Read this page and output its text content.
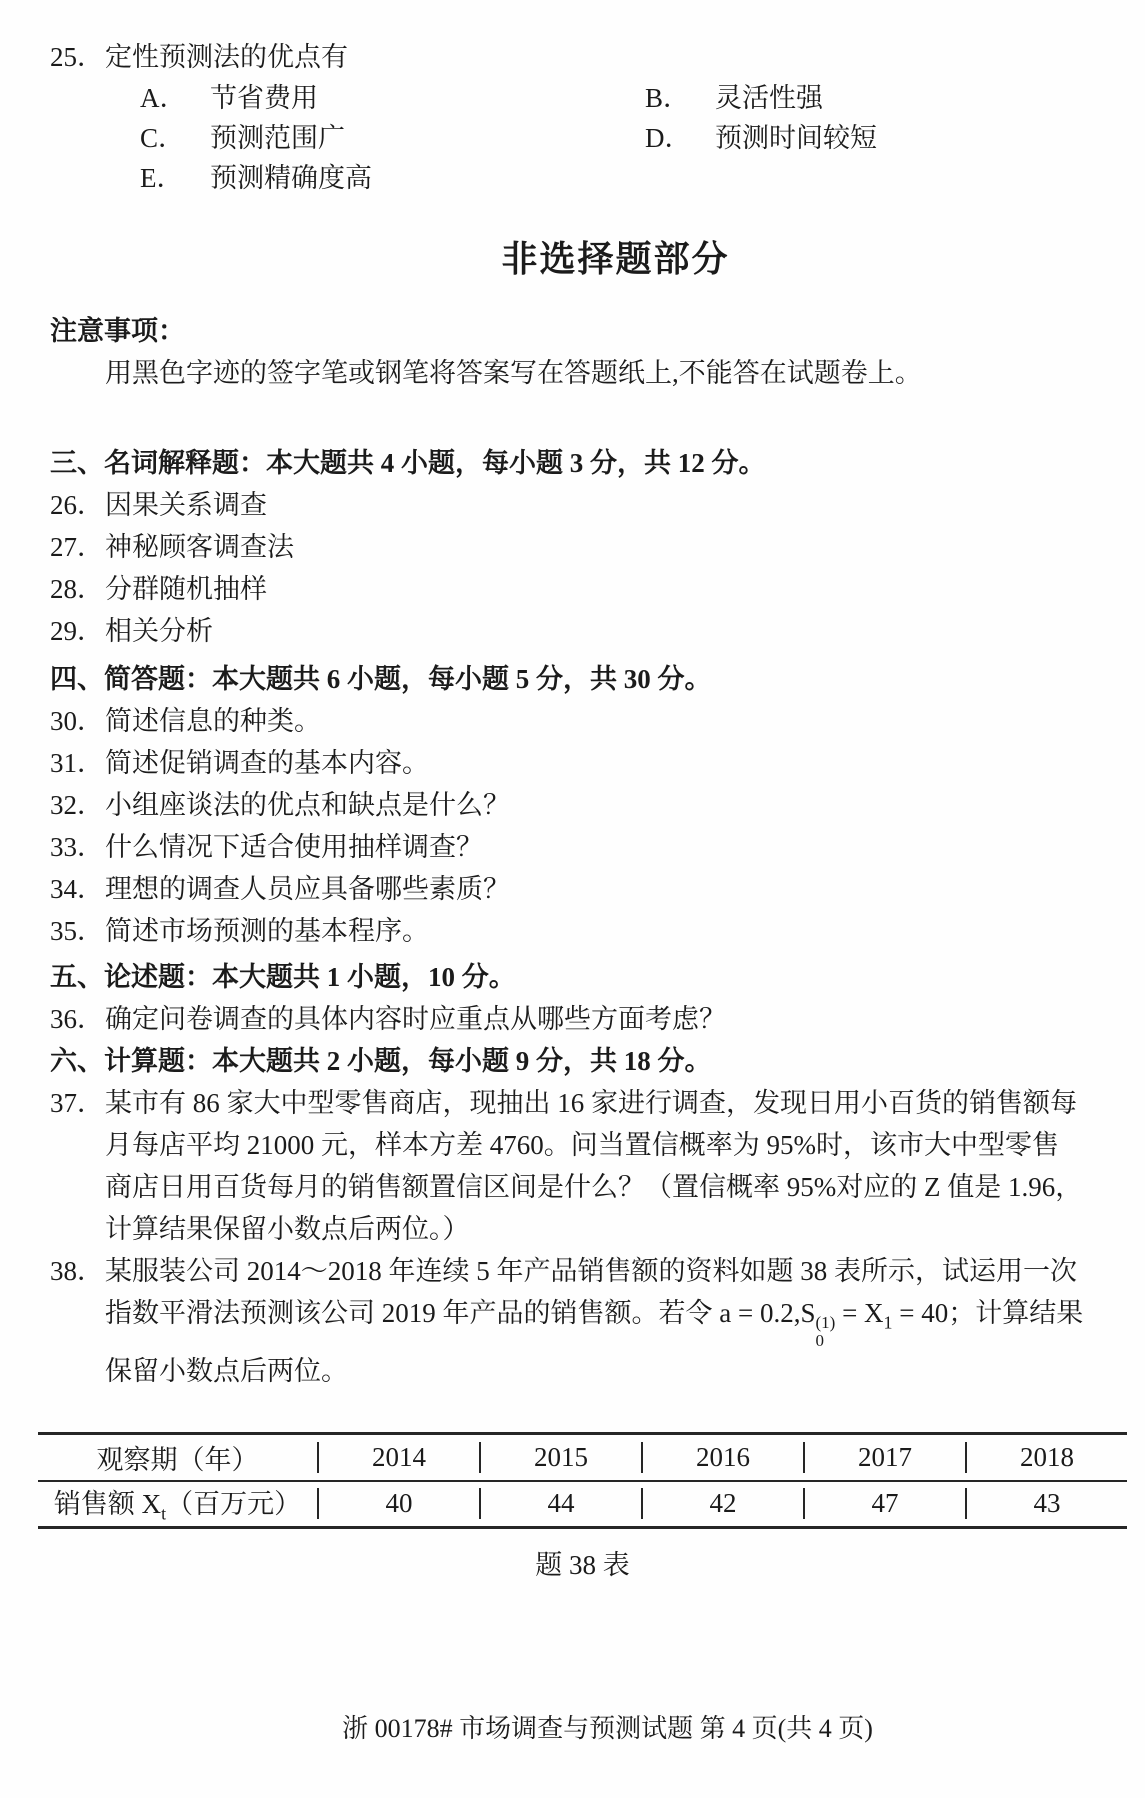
25．定性预测法的优点有
A． 节省费用	B． 灵活性强
C． 预测范围广	D． 预测时间较短
E． 预测精确度高
非选择题部分
注意事项：
用黑色字迹的签字笔或钢笔将答案写在答题纸上,不能答在试题卷上。
三、名词解释题：本大题共 4 小题，每小题 3 分，共 12 分。
26．因果关系调查
27．神秘顾客调查法
28．分群随机抽样
29．相关分析
四、简答题：本大题共 6 小题，每小题 5 分，共 30 分。
30．简述信息的种类。
31．简述促销调查的基本内容。
32．小组座谈法的优点和缺点是什么？
33．什么情况下适合使用抽样调查？
34．理想的调查人员应具备哪些素质？
35．简述市场预测的基本程序。
五、论述题：本大题共 1 小题，10 分。
36．确定问卷调查的具体内容时应重点从哪些方面考虑？
六、计算题：本大题共 2 小题，每小题 9 分，共 18 分。
37．某市有 86 家大中型零售商店，现抽出 16 家进行调查，发现日用小百货的销售额每
月每店平均 21000 元，样本方差 4760。问当置信概率为 95%时，该市大中型零售
商店日用百货每月的销售额置信区间是什么？（置信概率 95%对应的 Z 值是 1.96，
计算结果保留小数点后两位。）
38．某服装公司 2014～2018 年连续 5 年产品销售额的资料如题 38 表所示，试运用一次
指数平滑法预测该公司 2019 年产品的销售额。若令 a = 0.2,S (1)
0
= $X_1 = 40$；计算结果
保留小数点后两位。
观察期（年）	2014	2015	2016	2017	2018
销售额 $X_t$（百万元）	40	44	42	47	43
题 38 表
浙 00178# 市场调查与预测试题 第 4 页(共 4 页)
